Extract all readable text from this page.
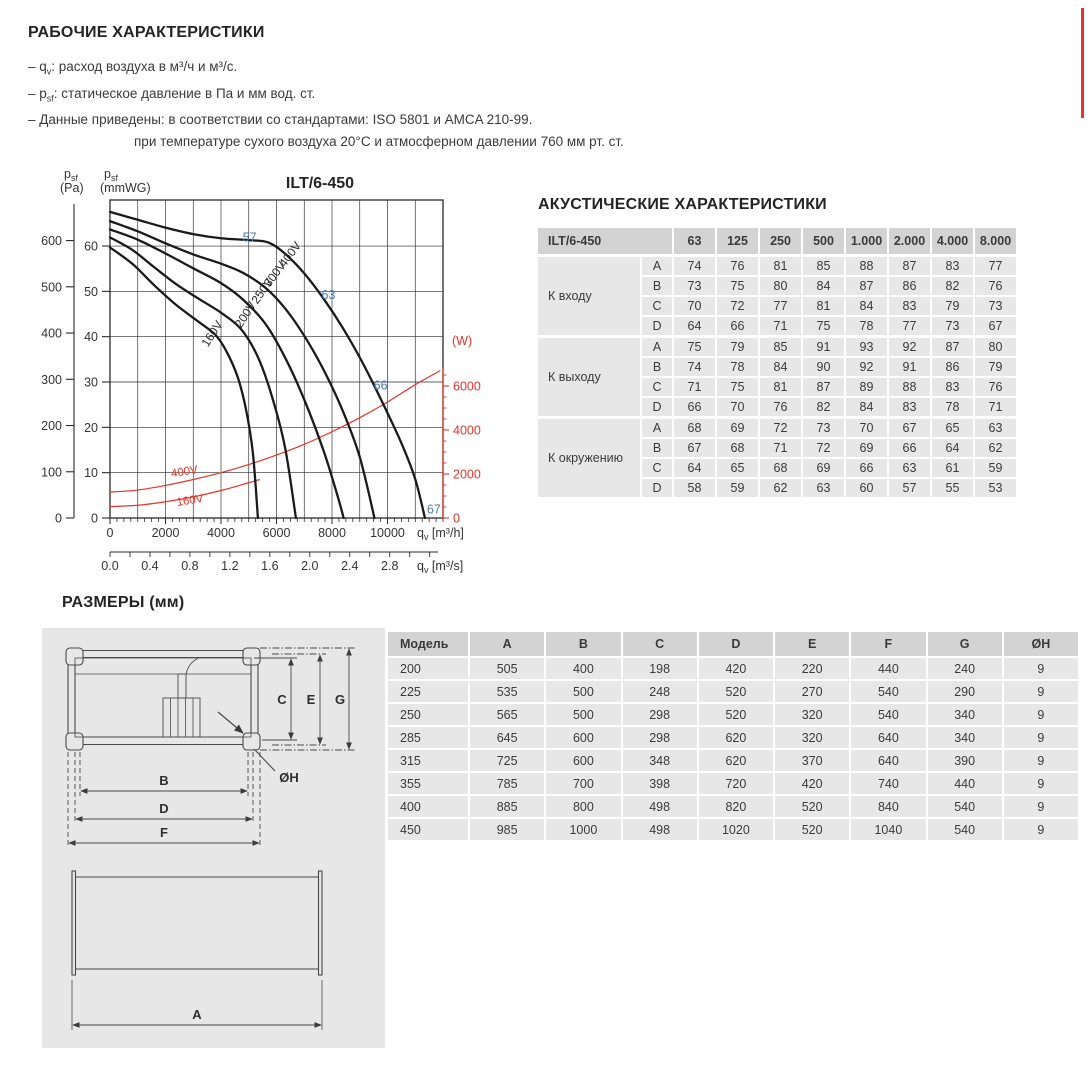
РАБОЧИЕ ХАРАКТЕРИСТИКИ
– $q_v$: расход воздуха в м³/ч и м³/с.
– $p_{sf}$: статическое давление в Па и мм вод. ст.
– Данные приведены: в соответствии со стандартами: ISO 5801 и AMCA 210-99.
при температуре сухого воздуха 20°C и атмосферном давлении 760 мм рт. ст.
ILT/6-450
0
100
200
300
400
500
600
0
10
20
30
40
50
60
$p_{sf}$
(Pa)
$p_{sf}$
(mmWG)
0	2000 4000 6000 8000 10000 $q_v$ [m³/h]
0.0 0.4 0.8 1.2 1.6 2.0 2.4 2.8 $q_v$ [m³/s]
0
2000
4000
6000
(W)
400V
160V
160V
200V
250V
300V
400V
57
63
66
67
АКУСТИЧЕСКИЕ ХАРАКТЕРИСТИКИ
ILT/6-450	63	125	250	500	1.000 2.000 4.000 8.000
К входу
A	74	76	81	85	88	87	83	77
B	73	75	80	84	87	86	82	76
C	70	72	77	81	84	83	79	73
D	64	66	71	75	78	77	73	67
К выходу
A	75	79	85	91	93	92	87	80
B	74	78	84	90	92	91	86	79
C	71	75	81	87	89	88	83	76
D	66	70	76	82	84	83	78	71
К окружению
A	68	69	72	73	70	67	65	63
B	67	68	71	72	69	66	64	62
C	64	65	68	69	66	63	61	59
D	58	59	62	63	60	57	55	53
РАЗМЕРЫ (мм)
C E G
B
D
F
ØH
A
Модель	A	B	C	D	E	F	G	ØH
200	505	400	198	420	220	440	240	9
225	535	500	248	520	270	540	290	9
250	565	500	298	520	320	540	340	9
285	645	600	298	620	320	640	340	9
315	725	600	348	620	370	640	390	9
355	785	700	398	720	420	740	440	9
400	885	800	498	820	520	840	540	9
450	985	1000	498	1020	520	1040	540	9
